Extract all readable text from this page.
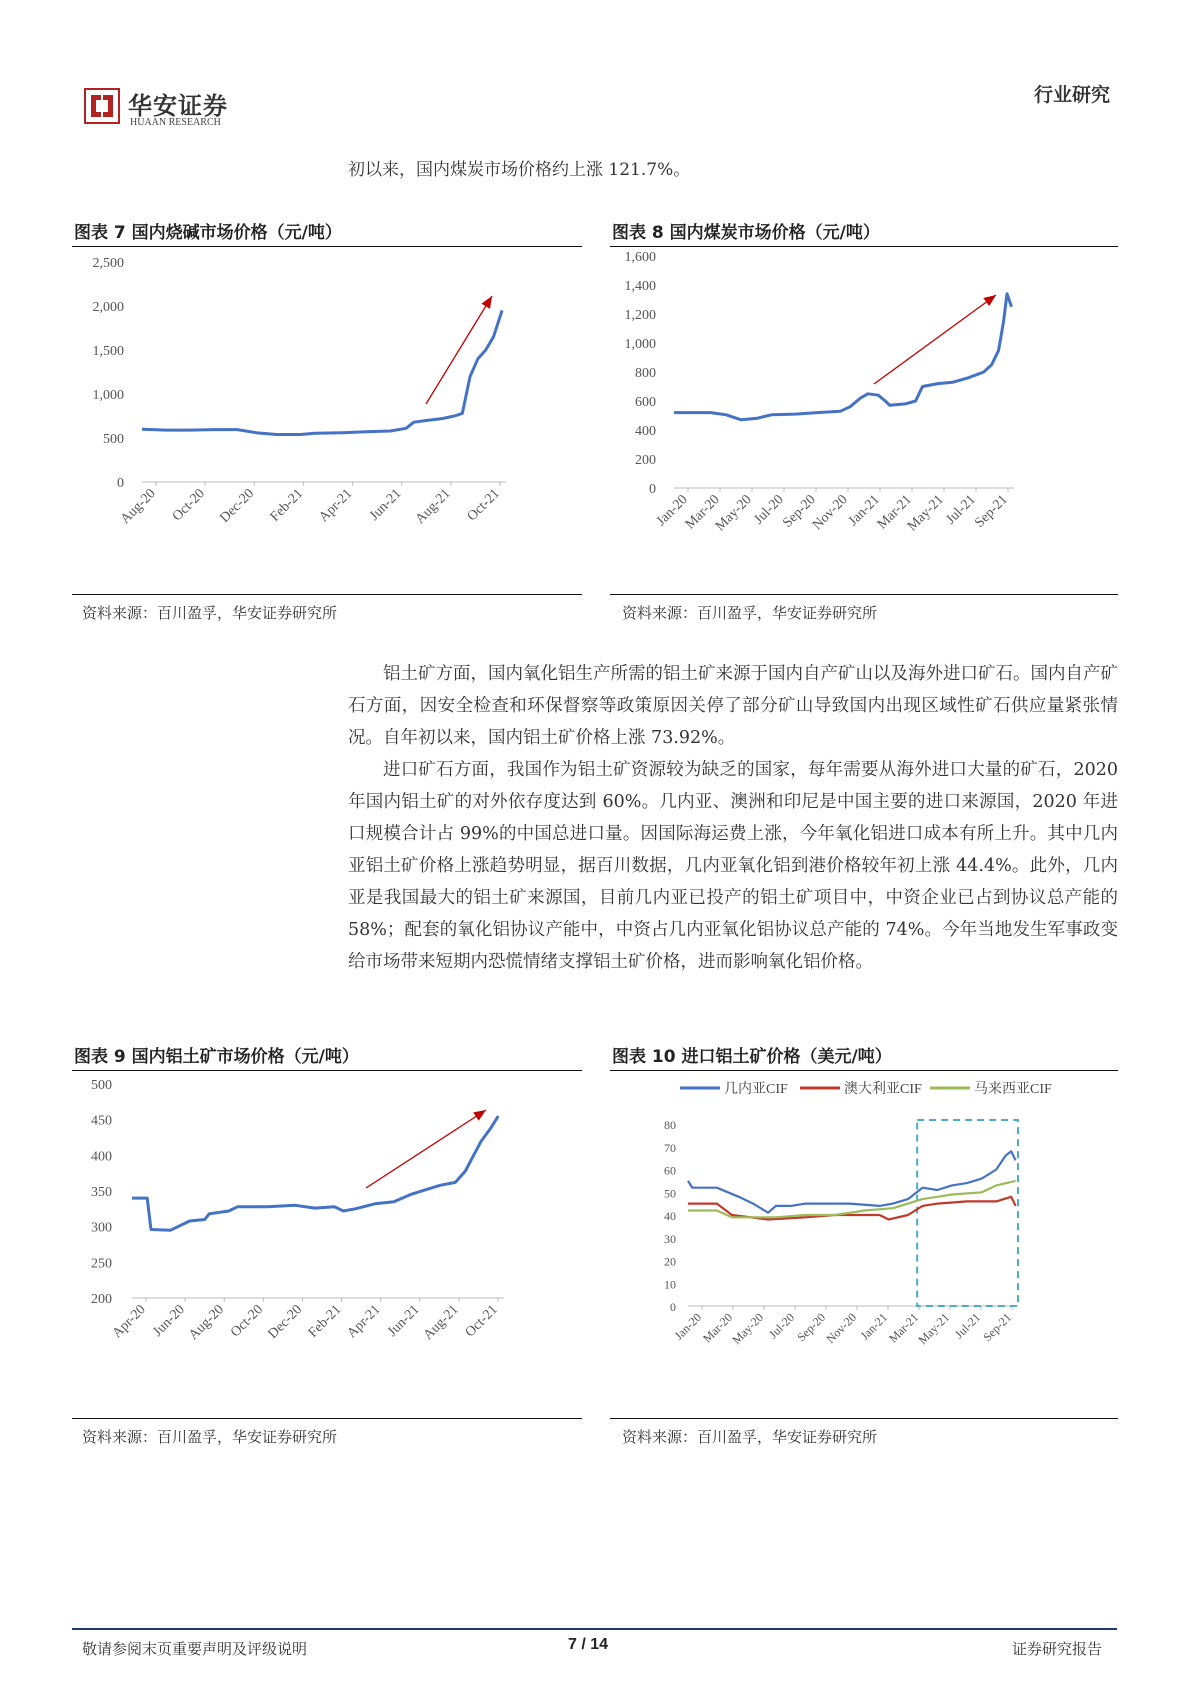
华安证券
HUAAN RESEARCH
行业研究
初以来，国内煤炭市场价格约上涨 121.7%。
图表 7 国内烧碱市场价格（元/吨）
0
500
1,000
1,500
2,000
2,500
Aug-20 Oct-20 Dec-20 Feb-21 Apr-21 Jun-21 Aug-21 Oct-21
资料来源：百川盈孚，华安证券研究所
图表 8 国内煤炭市场价格（元/吨）
0
200
400
600
800
1,000
1,200
1,400
1,600
Jan-20
Mar-20
May-20
Jul-20
Sep-20
Nov-20
Jan-21
Mar-21
May-21
Jul-21
Sep-21
资料来源：百川盈孚，华安证券研究所

铝土矿方面，国内氧化铝生产所需的铝土矿来源于国内自产矿山以及海外进口矿石。国内自产矿石方面，因安全检查和环保督察等政策原因关停了部分矿山导致国内出现区域性矿石供应量紧张情况。自年初以来，国内铝土矿价格上涨 73.92%。

进口矿石方面，我国作为铝土矿资源较为缺乏的国家，每年需要从海外进口大量的矿石，2020 年国内铝土矿的对外依存度达到 60%。几内亚、澳洲和印尼是中国主要的进口来源国，2020 年进口规模合计占 99%的中国总进口量。因国际海运费上涨，今年氧化铝进口成本有所上升。其中几内亚铝土矿价格上涨趋势明显，据百川数据，几内亚氧化铝到港价格较年初上涨 44.4%。此外，几内亚是我国最大的铝土矿来源国，目前几内亚已投产的铝土矿项目中，中资企业已占到协议总产能的 58%；配套的氧化铝协议产能中，中资占几内亚氧化铝协议总产能的 74%。今年当地发生军事政变给市场带来短期内恐慌情绪支撑铝土矿价格，进而影响氧化铝价格。

图表 9 国内铝土矿市场价格（元/吨）
200
250
300
350
400
450
500
Apr-20 Jun-20
Aug-20 Oct-20 Dec-20 Feb-21 Apr-21 Jun-21
Aug-21 Oct-21
资料来源：百川盈孚，华安证券研究所
图表 10 进口铝土矿价格（美元/吨）
0
10
20
30
40
50
60
70
80
Jan-20
Mar-20
May-20 Jul-20
Sep-20
Nov-20
Jan-21
Mar-21
May-21 Jul-21
Sep-21
几内亚CIF	澳大利亚CIF	马来西亚CIF
资料来源：百川盈孚，华安证券研究所
敬请参阅末页重要声明及评级说明	7 / 14	证券研究报告
